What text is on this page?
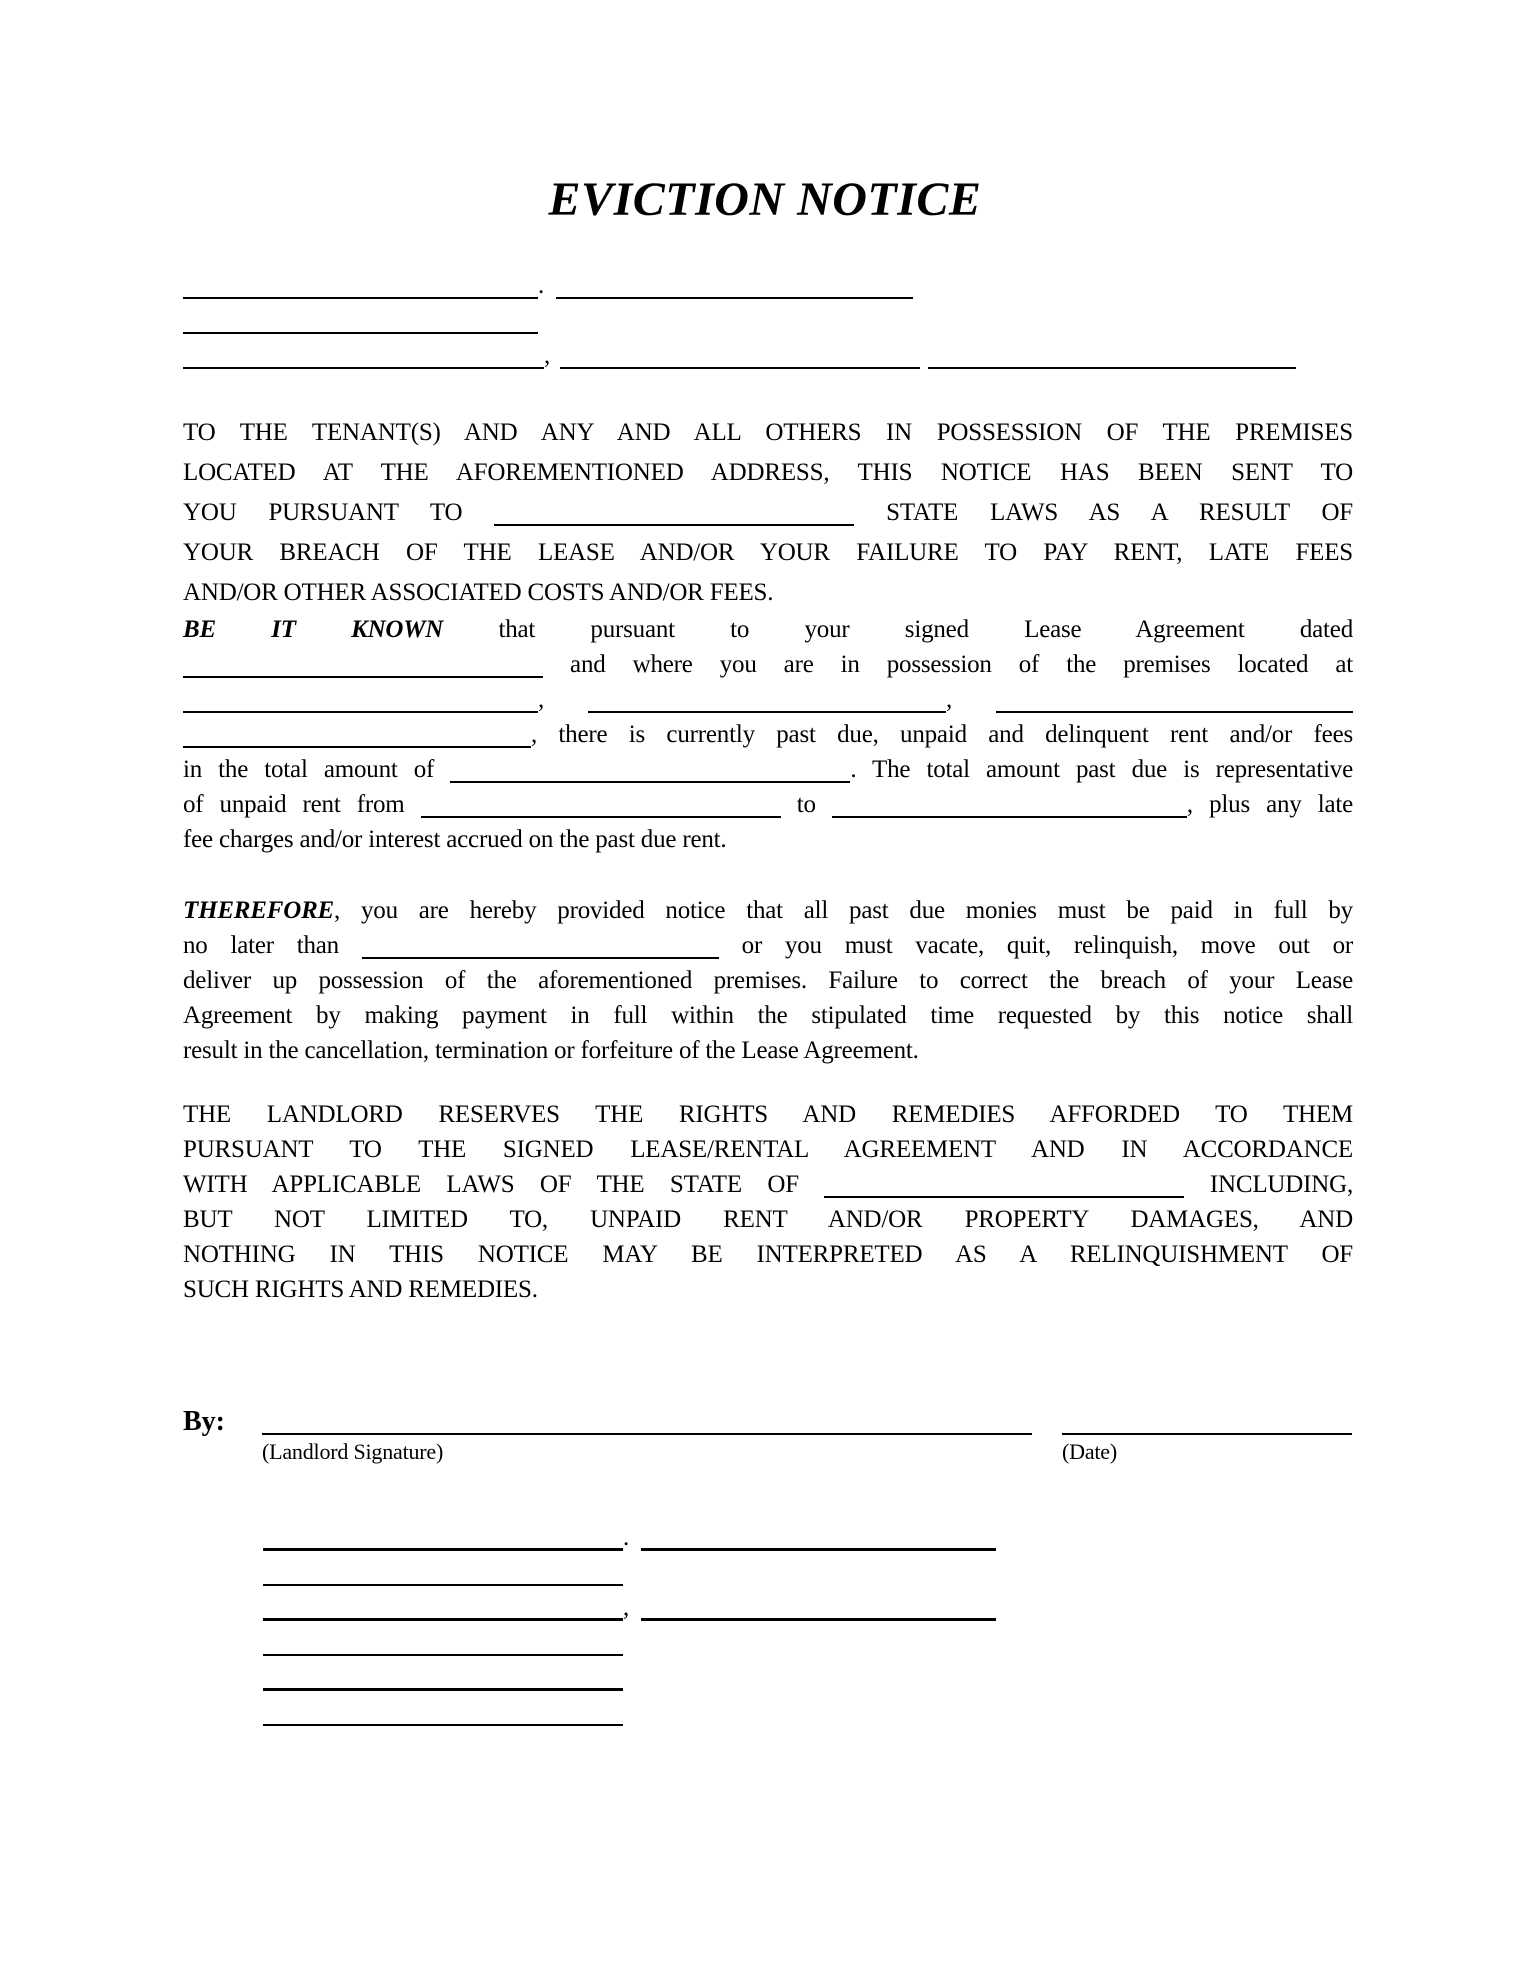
EVICTION NOTICE
.
,
TO THE TENANT(S) AND ANY AND ALL OTHERS IN POSSESSION OF THE PREMISES
LOCATED AT THE AFOREMENTIONED ADDRESS, THIS NOTICE HAS BEEN SENT TO
YOU PURSUANT TO	STATE LAWS AS A RESULT OF
YOUR BREACH OF THE LEASE AND/OR YOUR FAILURE TO PAY RENT, LATE FEES
AND/OR OTHER ASSOCIATED COSTS AND/OR FEES.
BE IT KNOWN that pursuant to your signed Lease Agreement dated
and where you are in possession of the premises located at
,	,
, there is currently past due, unpaid and delinquent rent and/or fees
in the total amount of	. The total amount past due is representative
of unpaid rent from	to	, plus any late
fee charges and/or interest accrued on the past due rent.
THEREFORE, you are hereby provided notice that all past due monies must be paid in full by
no later than	or you must vacate, quit, relinquish, move out or
deliver up possession of the aforementioned premises. Failure to correct the breach of your Lease
Agreement by making payment in full within the stipulated time requested by this notice shall
result in the cancellation, termination or forfeiture of the Lease Agreement.
THE LANDLORD RESERVES THE RIGHTS AND REMEDIES AFFORDED TO THEM
PURSUANT TO THE SIGNED LEASE/RENTAL AGREEMENT AND IN ACCORDANCE
WITH APPLICABLE LAWS OF THE STATE OF	INCLUDING,
BUT NOT LIMITED TO, UNPAID RENT AND/OR PROPERTY DAMAGES, AND
NOTHING IN THIS NOTICE MAY BE INTERPRETED AS A RELINQUISHMENT OF
SUCH RIGHTS AND REMEDIES.
By:
(Landlord Signature)	(Date)
.
,
